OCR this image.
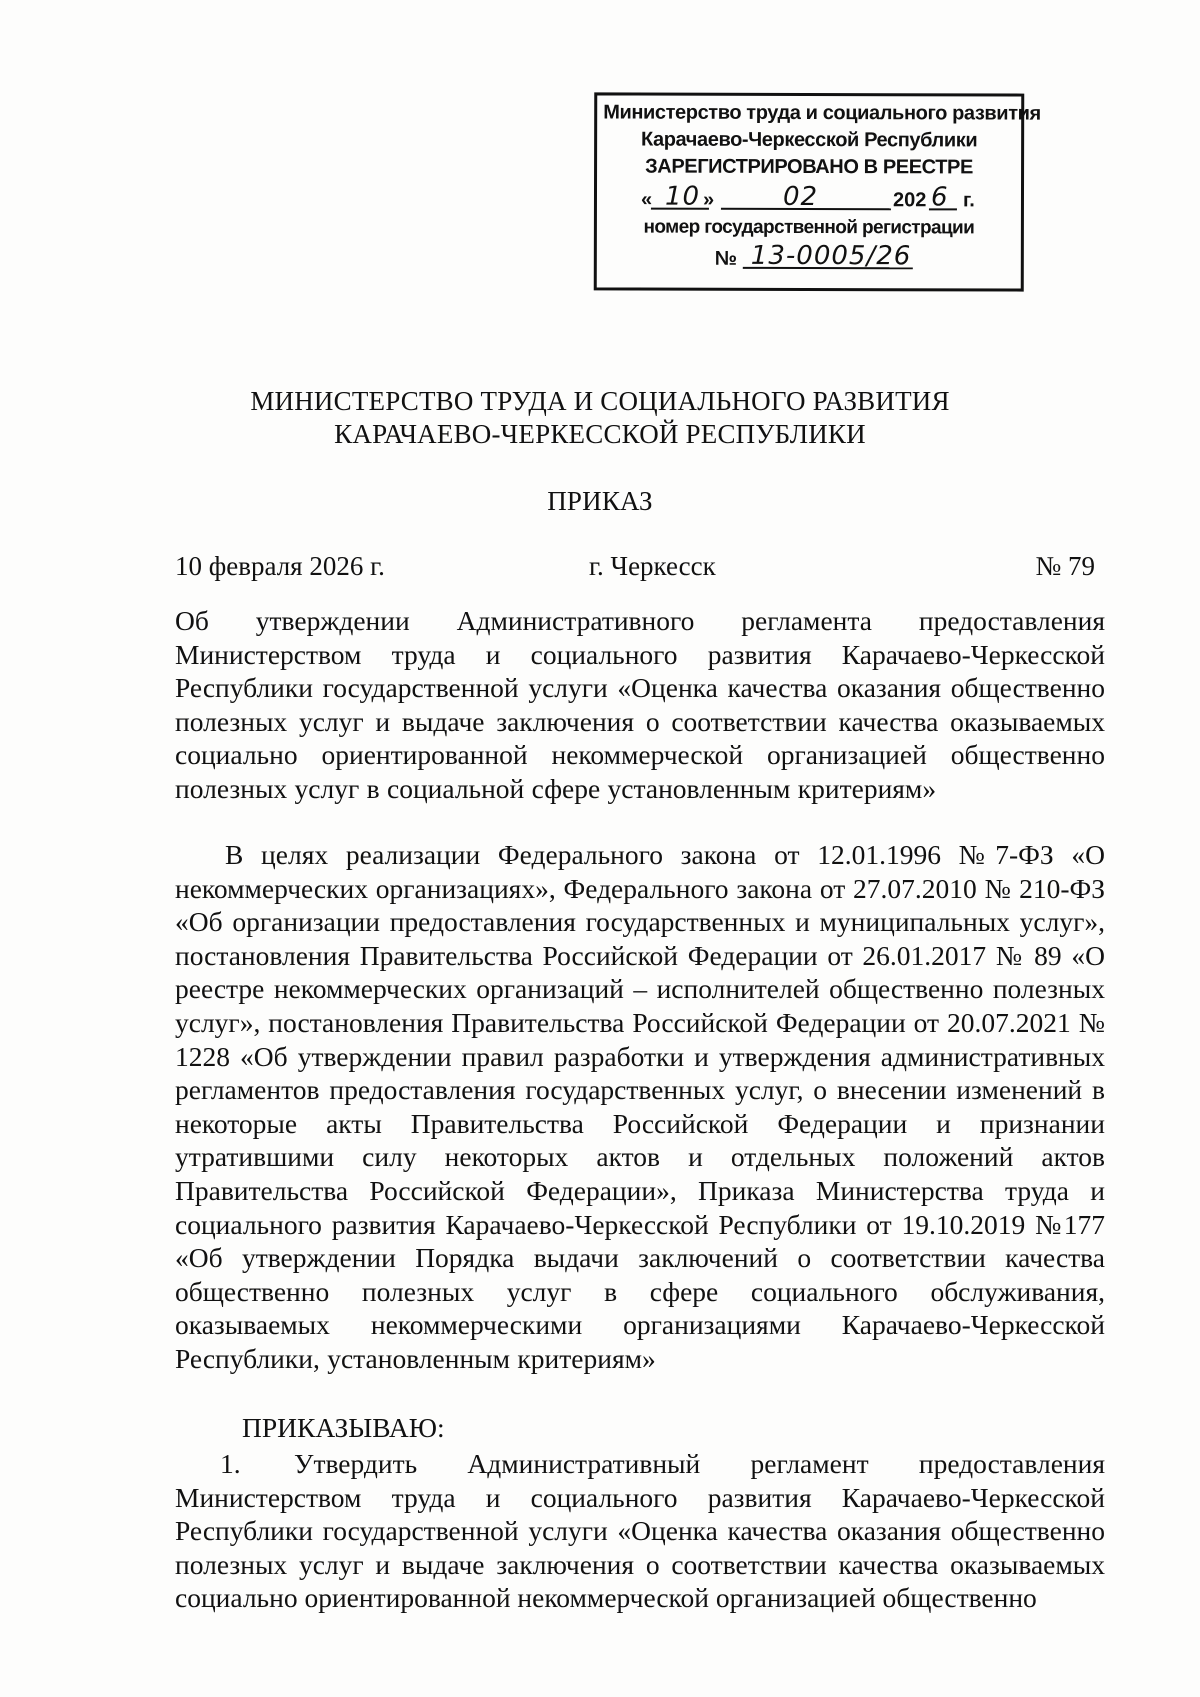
Министерство труда и социального развития
Карачаево-Черкесской Республики
ЗАРЕГИСТРИРОВАНО В РЕЕСТРЕ
« 10 »	02	202 6 г.
номер государственной регистрации
№ 13-0005/26
МИНИСТЕРСТВО ТРУДА И СОЦИАЛЬНОГО РАЗВИТИЯ
КАРАЧАЕВО-ЧЕРКЕССКОЙ РЕСПУБЛИКИ
ПРИКАЗ
10 февраля 2026 г.	г. Черкесск	№ 79
Об утверждении Административного регламента предоставления Министерством труда и социального развития Карачаево-Черкесской Республики государственной услуги «Оценка качества оказания общественно полезных услуг и выдаче заключения о соответствии качества оказываемых социально ориентированной некоммерческой организацией общественно полезных услуг в социальной сфере установленным критериям»
В целях реализации Федерального закона от 12.01.1996 №7-ФЗ «О некоммерческих организациях», Федерального закона от 27.07.2010 № 210-ФЗ «Об организации предоставления государственных и муниципальных услуг», постановления Правительства Российской Федерации от 26.01.2017 № 89 «О реестре некоммерческих организаций – исполнителей общественно полезных услуг», постановления Правительства Российской Федерации от 20.07.2021 № 1228 «Об утверждении правил разработки и утверждения административных регламентов предоставления государственных услуг, о внесении изменений в некоторые акты Правительства Российской Федерации и признании утратившими силу некоторых актов и отдельных положений актов Правительства Российской Федерации», Приказа Министерства труда и социального развития Карачаево-Черкесской Республики от 19.10.2019 №177 «Об утверждении Порядка выдачи заключений о соответствии качества общественно полезных услуг в сфере социального обслуживания, оказываемых некоммерческими организациями Карачаево-Черкесской Республики, установленным критериям»
ПРИКАЗЫВАЮ:
1. Утвердить Административный регламент предоставления Министерством труда и социального развития Карачаево-Черкесской Республики государственной услуги «Оценка качества оказания общественно полезных услуг и выдаче заключения о соответствии качества оказываемых социально ориентированной некоммерческой организацией общественно
